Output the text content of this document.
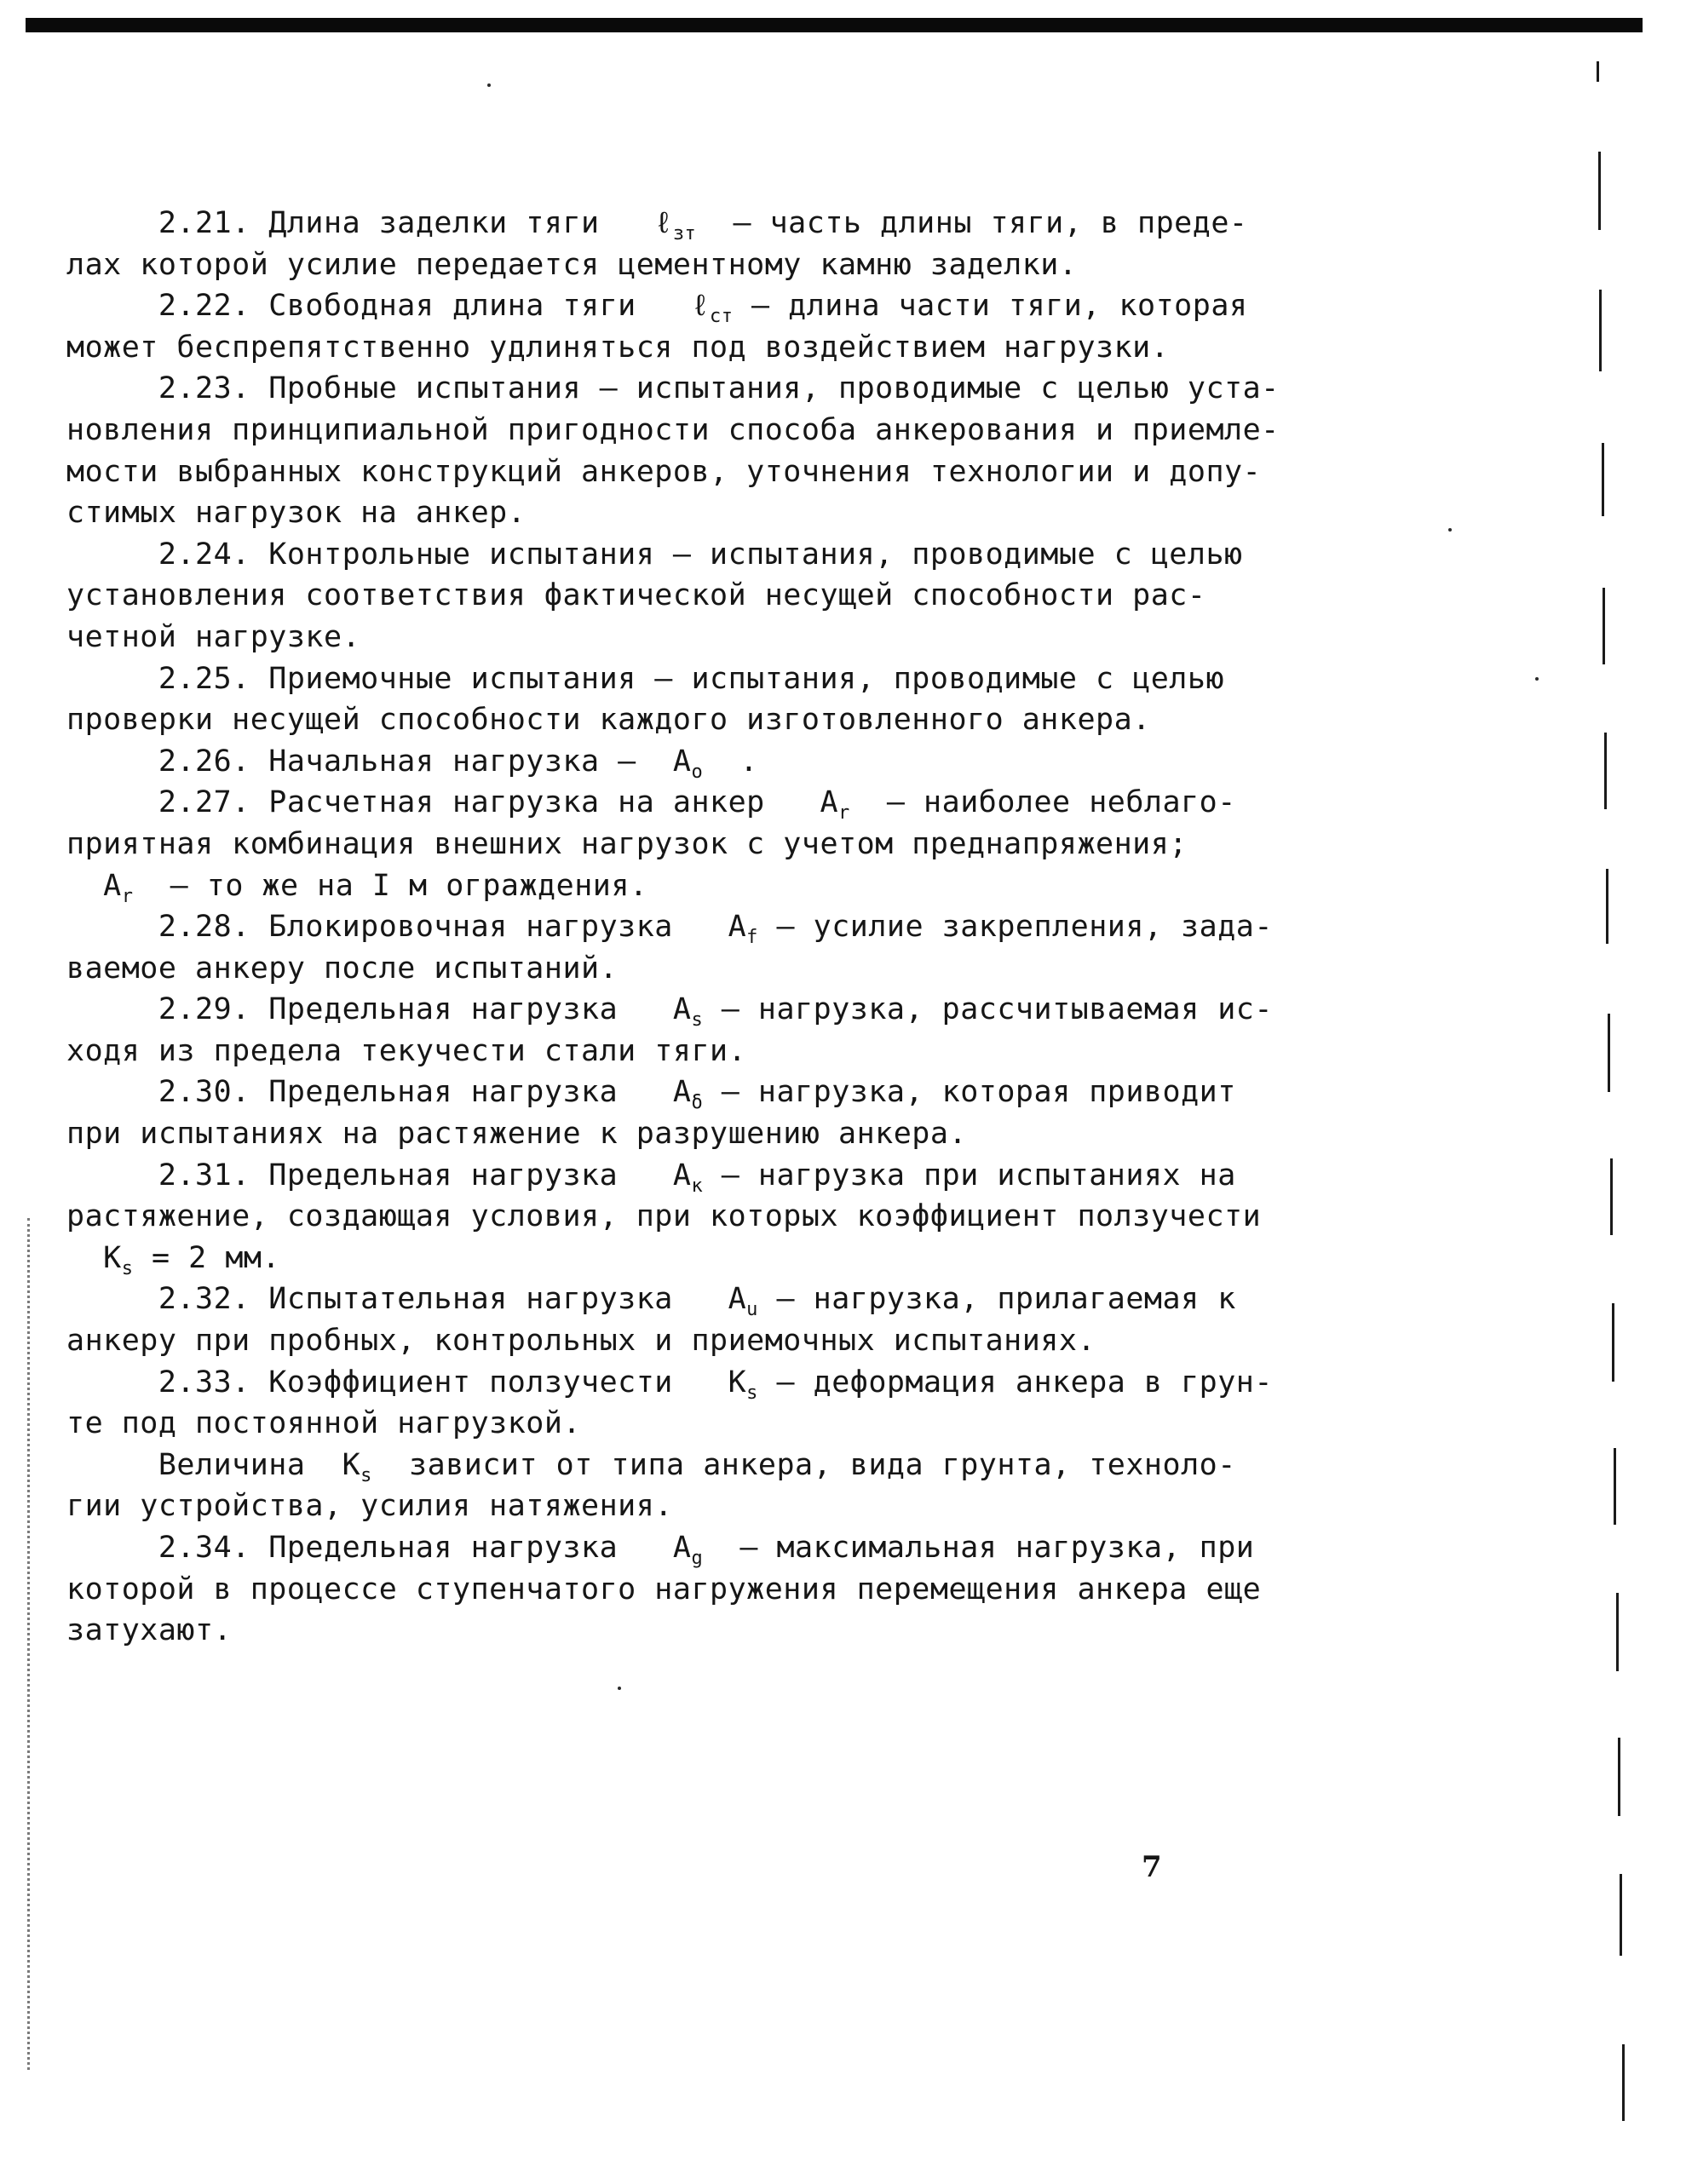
2.21. Длина заделки тяги   ℓ$_{зт}$  – часть длины тяги, в преде-
лах которой усилие передается цементному камню заделки.
2.22. Свободная длина тяги   ℓ$_{ст}$ – длина части тяги, которая
может беспрепятственно удлиняться под воздействием нагрузки.
2.23. Пробные испытания – испытания, проводимые с целью уста-
новления принципиальной пригодности способа анкерования и приемле-
мости выбранных конструкций анкеров, уточнения технологии и допу-
стимых нагрузок на анкер.
2.24. Контрольные испытания – испытания, проводимые с целью
установления соответствия фактической несущей способности рас-
четной нагрузке.
2.25. Приемочные испытания – испытания, проводимые с целью
проверки несущей способности каждого изготовленного анкера.
2.26. Начальная нагрузка –  $A_o$  .
2.27. Расчетная нагрузка на анкер   $A_r$  – наиболее неблаго-
приятная комбинация внешних нагрузок с учетом преднапряжения;
$A_r$  – то же на I м ограждения.
2.28. Блокировочная нагрузка   $A_f$ – усилие закрепления, зада-
ваемое анкеру после испытаний.
2.29. Предельная нагрузка   $A_s$ – нагрузка, рассчитываемая ис-
ходя из предела текучести стали тяги.
2.30. Предельная нагрузка   $A_\delta$ – нагрузка, которая приводит
при испытаниях на растяжение к разрушению анкера.
2.31. Предельная нагрузка   $A_к$ – нагрузка при испытаниях на
растяжение, создающая условия, при которых коэффициент ползучести
$K_s = 2$ мм.
2.32. Испытательная нагрузка   $A_u$ – нагрузка, прилагаемая к
анкеру при пробных, контрольных и приемочных испытаниях.
2.33. Коэффициент ползучести   $K_s$ – деформация анкера в грун-
те под постоянной нагрузкой.
Величина  $K_s$  зависит от типа анкера, вида грунта, техноло-
гии устройства, усилия натяжения.
2.34. Предельная нагрузка   $A_g$  – максимальная нагрузка, при
которой в процессе ступенчатого нагружения перемещения анкера еще
затухают.
7
